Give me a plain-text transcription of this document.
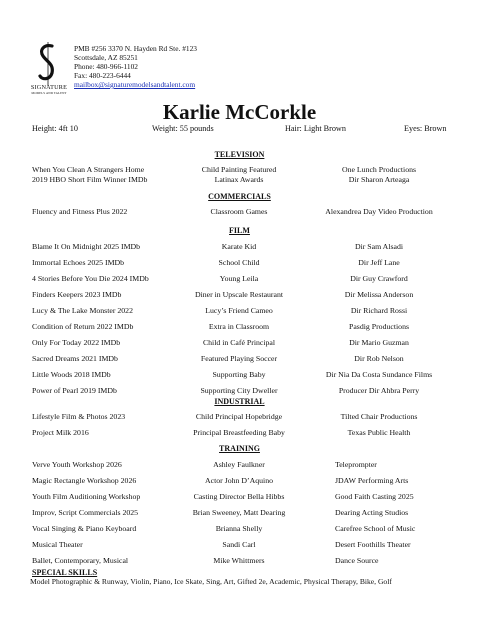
SIGNATURE
MODELS AND TALENT
PMB #256 3370 N. Hayden Rd Ste. #123
Scottsdale, AZ 85251
Phone: 480-966-1102
Fax: 480-223-6444
mailbox@signaturemodelsandtalent.com
Karlie McCorkle
Height: 4ft 10	Weight: 55 pounds	Hair: Light Brown	Eyes: Brown
TELEVISION
When You Clean A Strangers Home	Child Painting Featured	One Lunch Productions
2019 HBO Short Film Winner IMDb	Latinax Awards	Dir Sharon Arteaga
COMMERCIALS
Fluency and Fitness Plus 2022	Classroom Games	Alexandrea Day Video Production
FILM
Blame It On Midnight 2025 IMDb	Karate Kid	Dir Sam Alsadi
Immortal Echoes 2025 IMDb	School Child	Dir Jeff Lane
4 Stories Before You Die 2024 IMDb	Young Leila	Dir Guy Crawford
Finders Keepers 2023 IMDb	Diner in Upscale Restaurant	Dir Melissa Anderson
Lucy & The Lake Monster 2022	Lucy’s Friend Cameo	Dir Richard Rossi
Condition of Return 2022 IMDb	Extra in Classroom	Pasdig Productions
Only For Today 2022 IMDb	Child in Café Principal	Dir Mario Guzman
Sacred Dreams 2021 IMDb	Featured Playing Soccer	Dir Rob Nelson
Little Woods 2018 IMDb	Supporting Baby	Dir Nia Da Costa Sundance Films
Power of Pearl 2019 IMDb	Supporting City Dweller	Producer Dir Ahbra Perry
INDUSTRIAL
Lifestyle Film & Photos 2023	Child Principal Hopebridge	Tilted Chair Productions
Project Milk 2016	Principal Breastfeeding Baby	Texas Public Health
TRAINING
Verve Youth Workshop 2026	Ashley Faulkner	Teleprompter
Magic Rectangle Workshop 2026	Actor John D’Aquino	JDAW Performing Arts
Youth Film Auditioning Workshop	Casting Director Bella Hibbs	Good Faith Casting 2025
Improv, Script Commercials 2025	Brian Sweeney, Matt Dearing	Dearing Acting Studios
Vocal Singing & Piano Keyboard	Brianna Shelly	Carefree School of Music
Musical Theater	Sandi Carl	Desert Foothills Theater
Ballet, Contemporary, Musical	Mike Whittmers	Dance Source
SPECIAL SKILLS
Model Photographic & Runway, Violin, Piano, Ice Skate, Sing, Art, Gifted 2e, Academic, Physical Therapy, Bike, Golf
